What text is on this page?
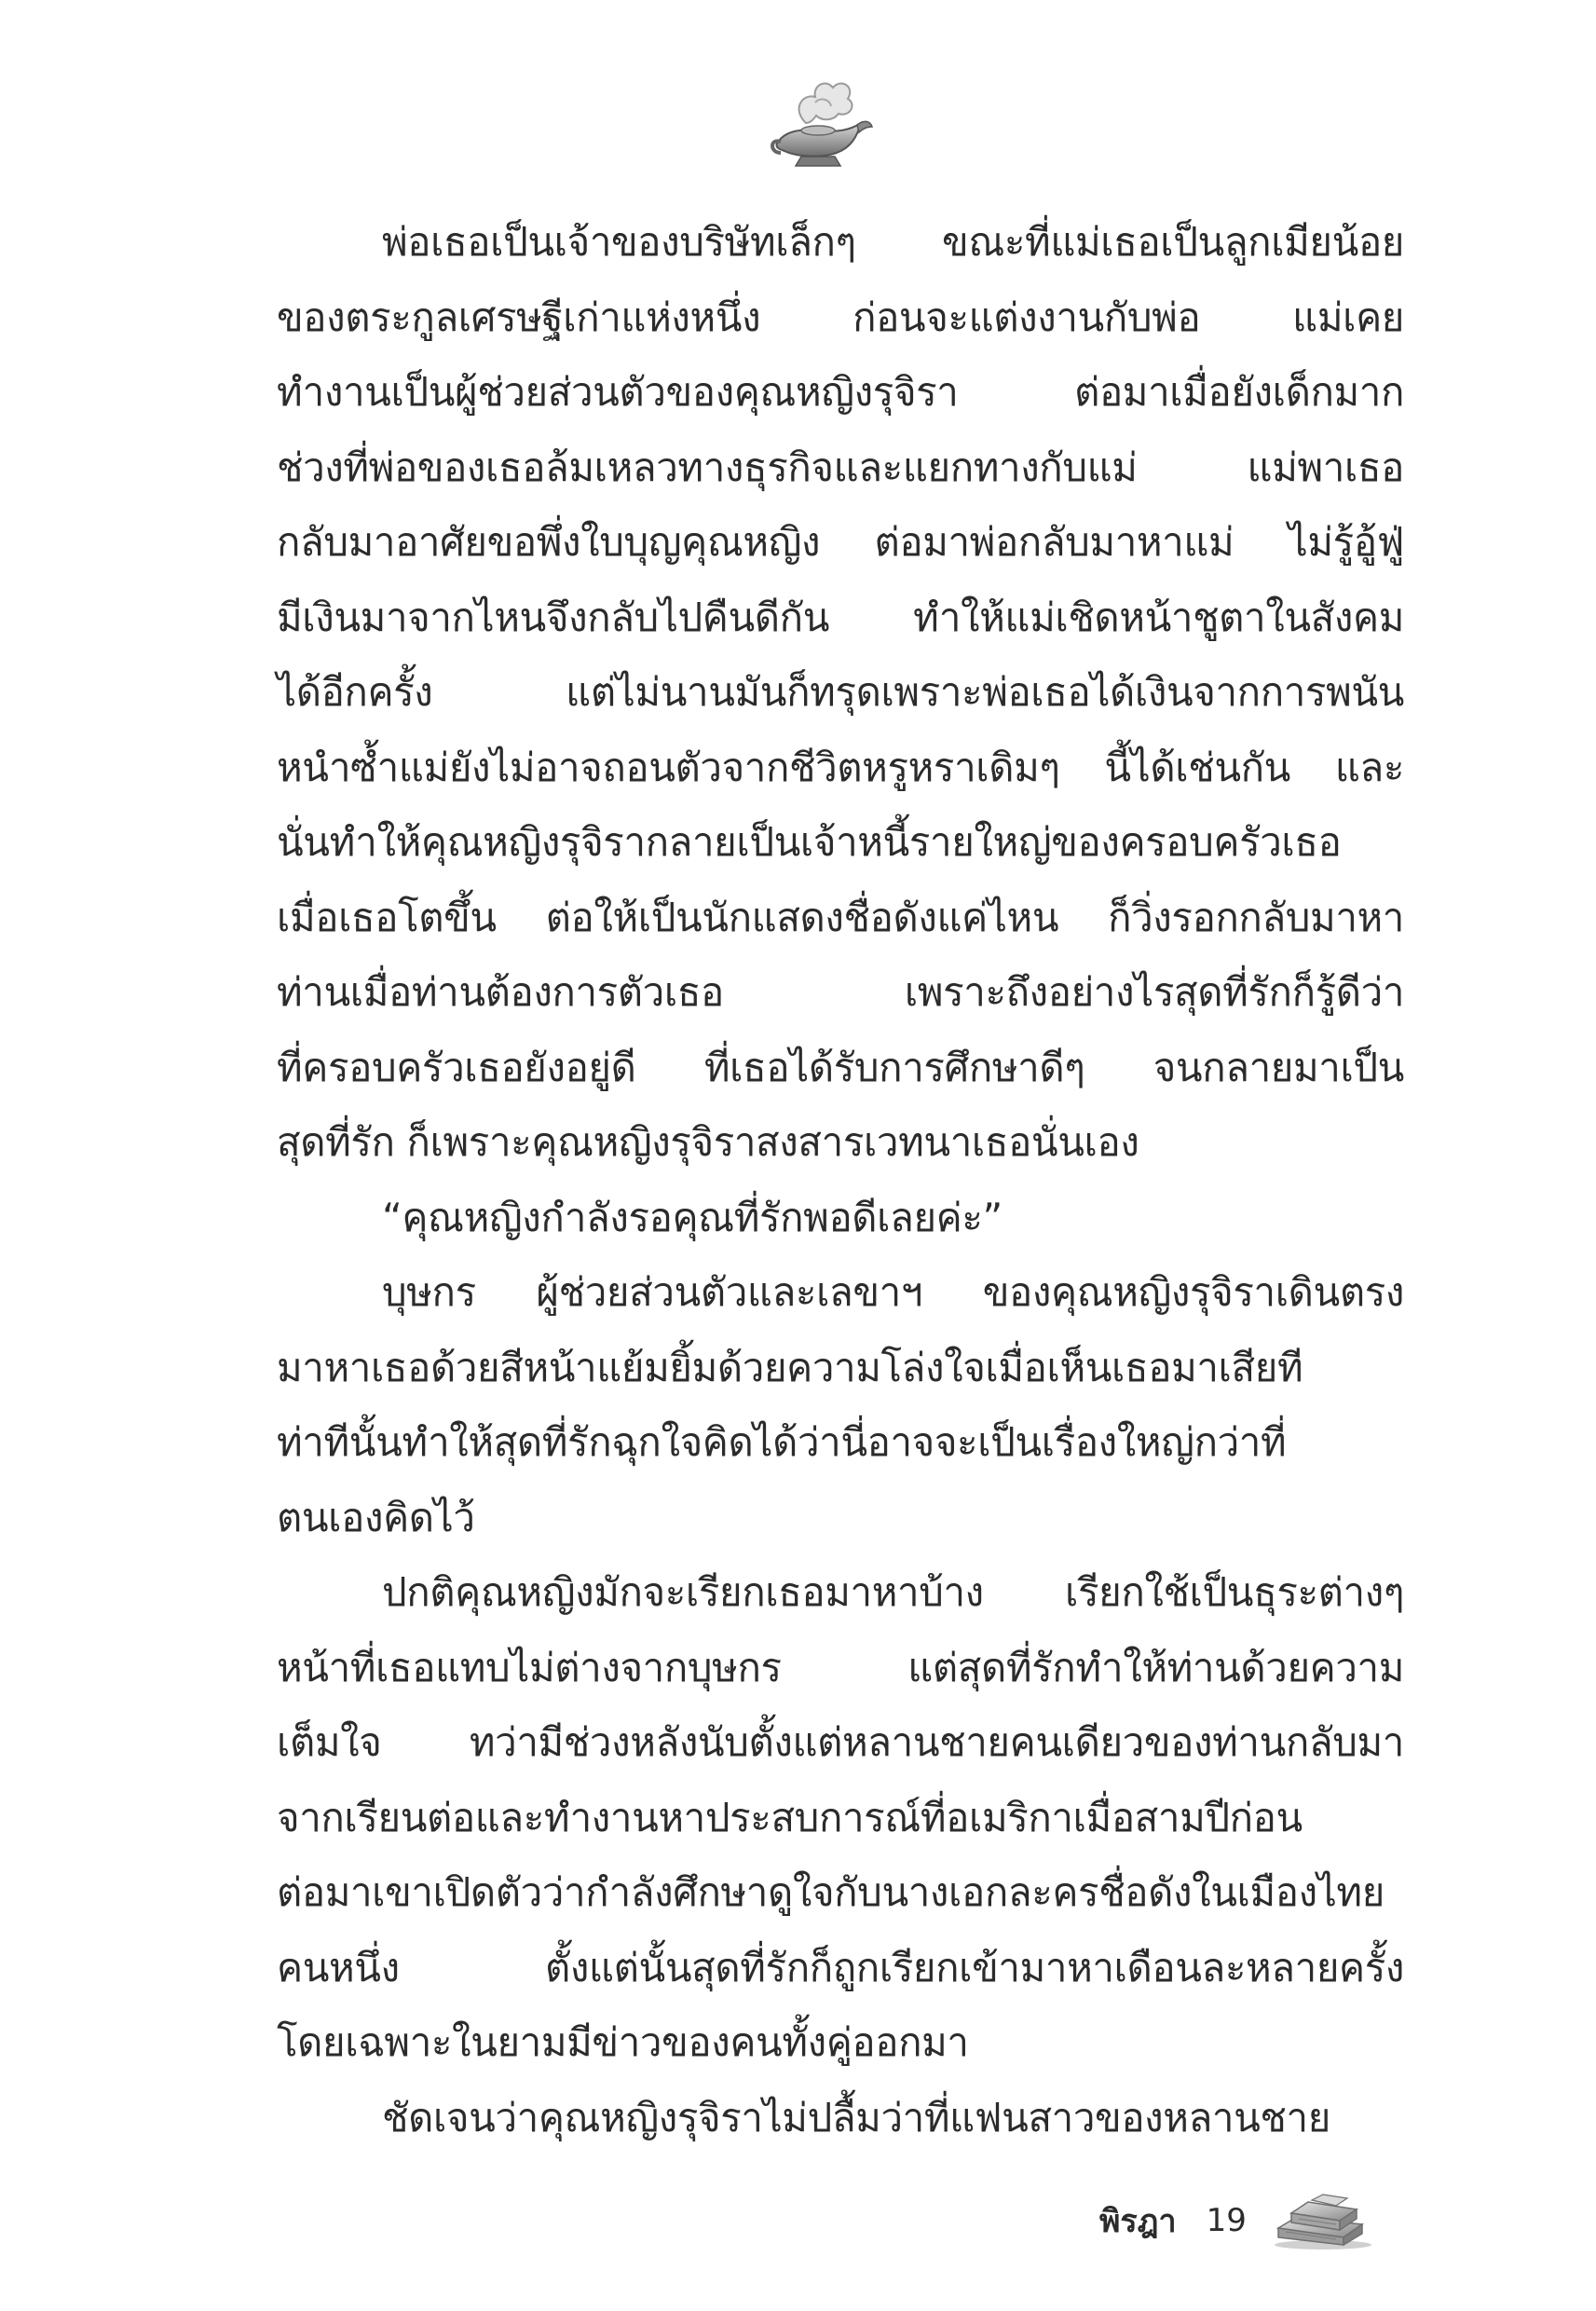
พ่อเธอเป็นเจ้าของบริษัทเล็กๆ ขณะที่แม่เธอเป็นลูกเมียน้อย
ของตระกูลเศรษฐีเก่าแห่งหนึ่ง ก่อนจะแต่งงานกับพ่อ แม่เคย
ทำงานเป็นผู้ช่วยส่วนตัวของคุณหญิงรุจิรา ต่อมาเมื่อยังเด็กมาก
ช่วงที่พ่อของเธอล้มเหลวทางธุรกิจและแยกทางกับแม่ แม่พาเธอ
กลับมาอาศัยขอพึ่งใบบุญคุณหญิง ต่อมาพ่อกลับมาหาแม่ ไม่รู้อู้ฟู่
มีเงินมาจากไหนจึงกลับไปคืนดีกัน ทำให้แม่เชิดหน้าชูตาในสังคม
ได้อีกครั้ง แต่ไม่นานมันก็ทรุดเพราะพ่อเธอได้เงินจากการพนัน
หนำซ้ำแม่ยังไม่อาจถอนตัวจากชีวิตหรูหราเดิมๆ นี้ได้เช่นกัน และ
นั่นทำให้คุณหญิงรุจิรากลายเป็นเจ้าหนี้รายใหญ่ของครอบครัวเธอ
เมื่อเธอโตขึ้น ต่อให้เป็นนักแสดงชื่อดังแค่ไหน ก็วิ่งรอกกลับมาหา
ท่านเมื่อท่านต้องการตัวเธอ เพราะถึงอย่างไรสุดที่รักก็รู้ดีว่า
ที่ครอบครัวเธอยังอยู่ดี ที่เธอได้รับการศึกษาดีๆ จนกลายมาเป็น
สุดที่รัก ก็เพราะคุณหญิงรุจิราสงสารเวทนาเธอนั่นเอง
“คุณหญิงกำลังรอคุณที่รักพอดีเลยค่ะ”
บุษกร ผู้ช่วยส่วนตัวและเลขาฯ ของคุณหญิงรุจิราเดินตรง
มาหาเธอด้วยสีหน้าแย้มยิ้มด้วยความโล่งใจเมื่อเห็นเธอมาเสียที
ท่าทีนั้นทำให้สุดที่รักฉุกใจคิดได้ว่านี่อาจจะเป็นเรื่องใหญ่กว่าที่
ตนเองคิดไว้
ปกติคุณหญิงมักจะเรียกเธอมาหาบ้าง เรียกใช้เป็นธุระต่างๆ
หน้าที่เธอแทบไม่ต่างจากบุษกร แต่สุดที่รักทำให้ท่านด้วยความ
เต็มใจ ทว่ามีช่วงหลังนับตั้งแต่หลานชายคนเดียวของท่านกลับมา
จากเรียนต่อและทำงานหาประสบการณ์ที่อเมริกาเมื่อสามปีก่อน
ต่อมาเขาเปิดตัวว่ากำลังศึกษาดูใจกับนางเอกละครชื่อดังในเมืองไทย
คนหนึ่ง ตั้งแต่นั้นสุดที่รักก็ถูกเรียกเข้ามาหาเดือนละหลายครั้ง
โดยเฉพาะในยามมีข่าวของคนทั้งคู่ออกมา
ชัดเจนว่าคุณหญิงรุจิราไม่ปลื้มว่าที่แฟนสาวของหลานชาย
พิรฎา 19
